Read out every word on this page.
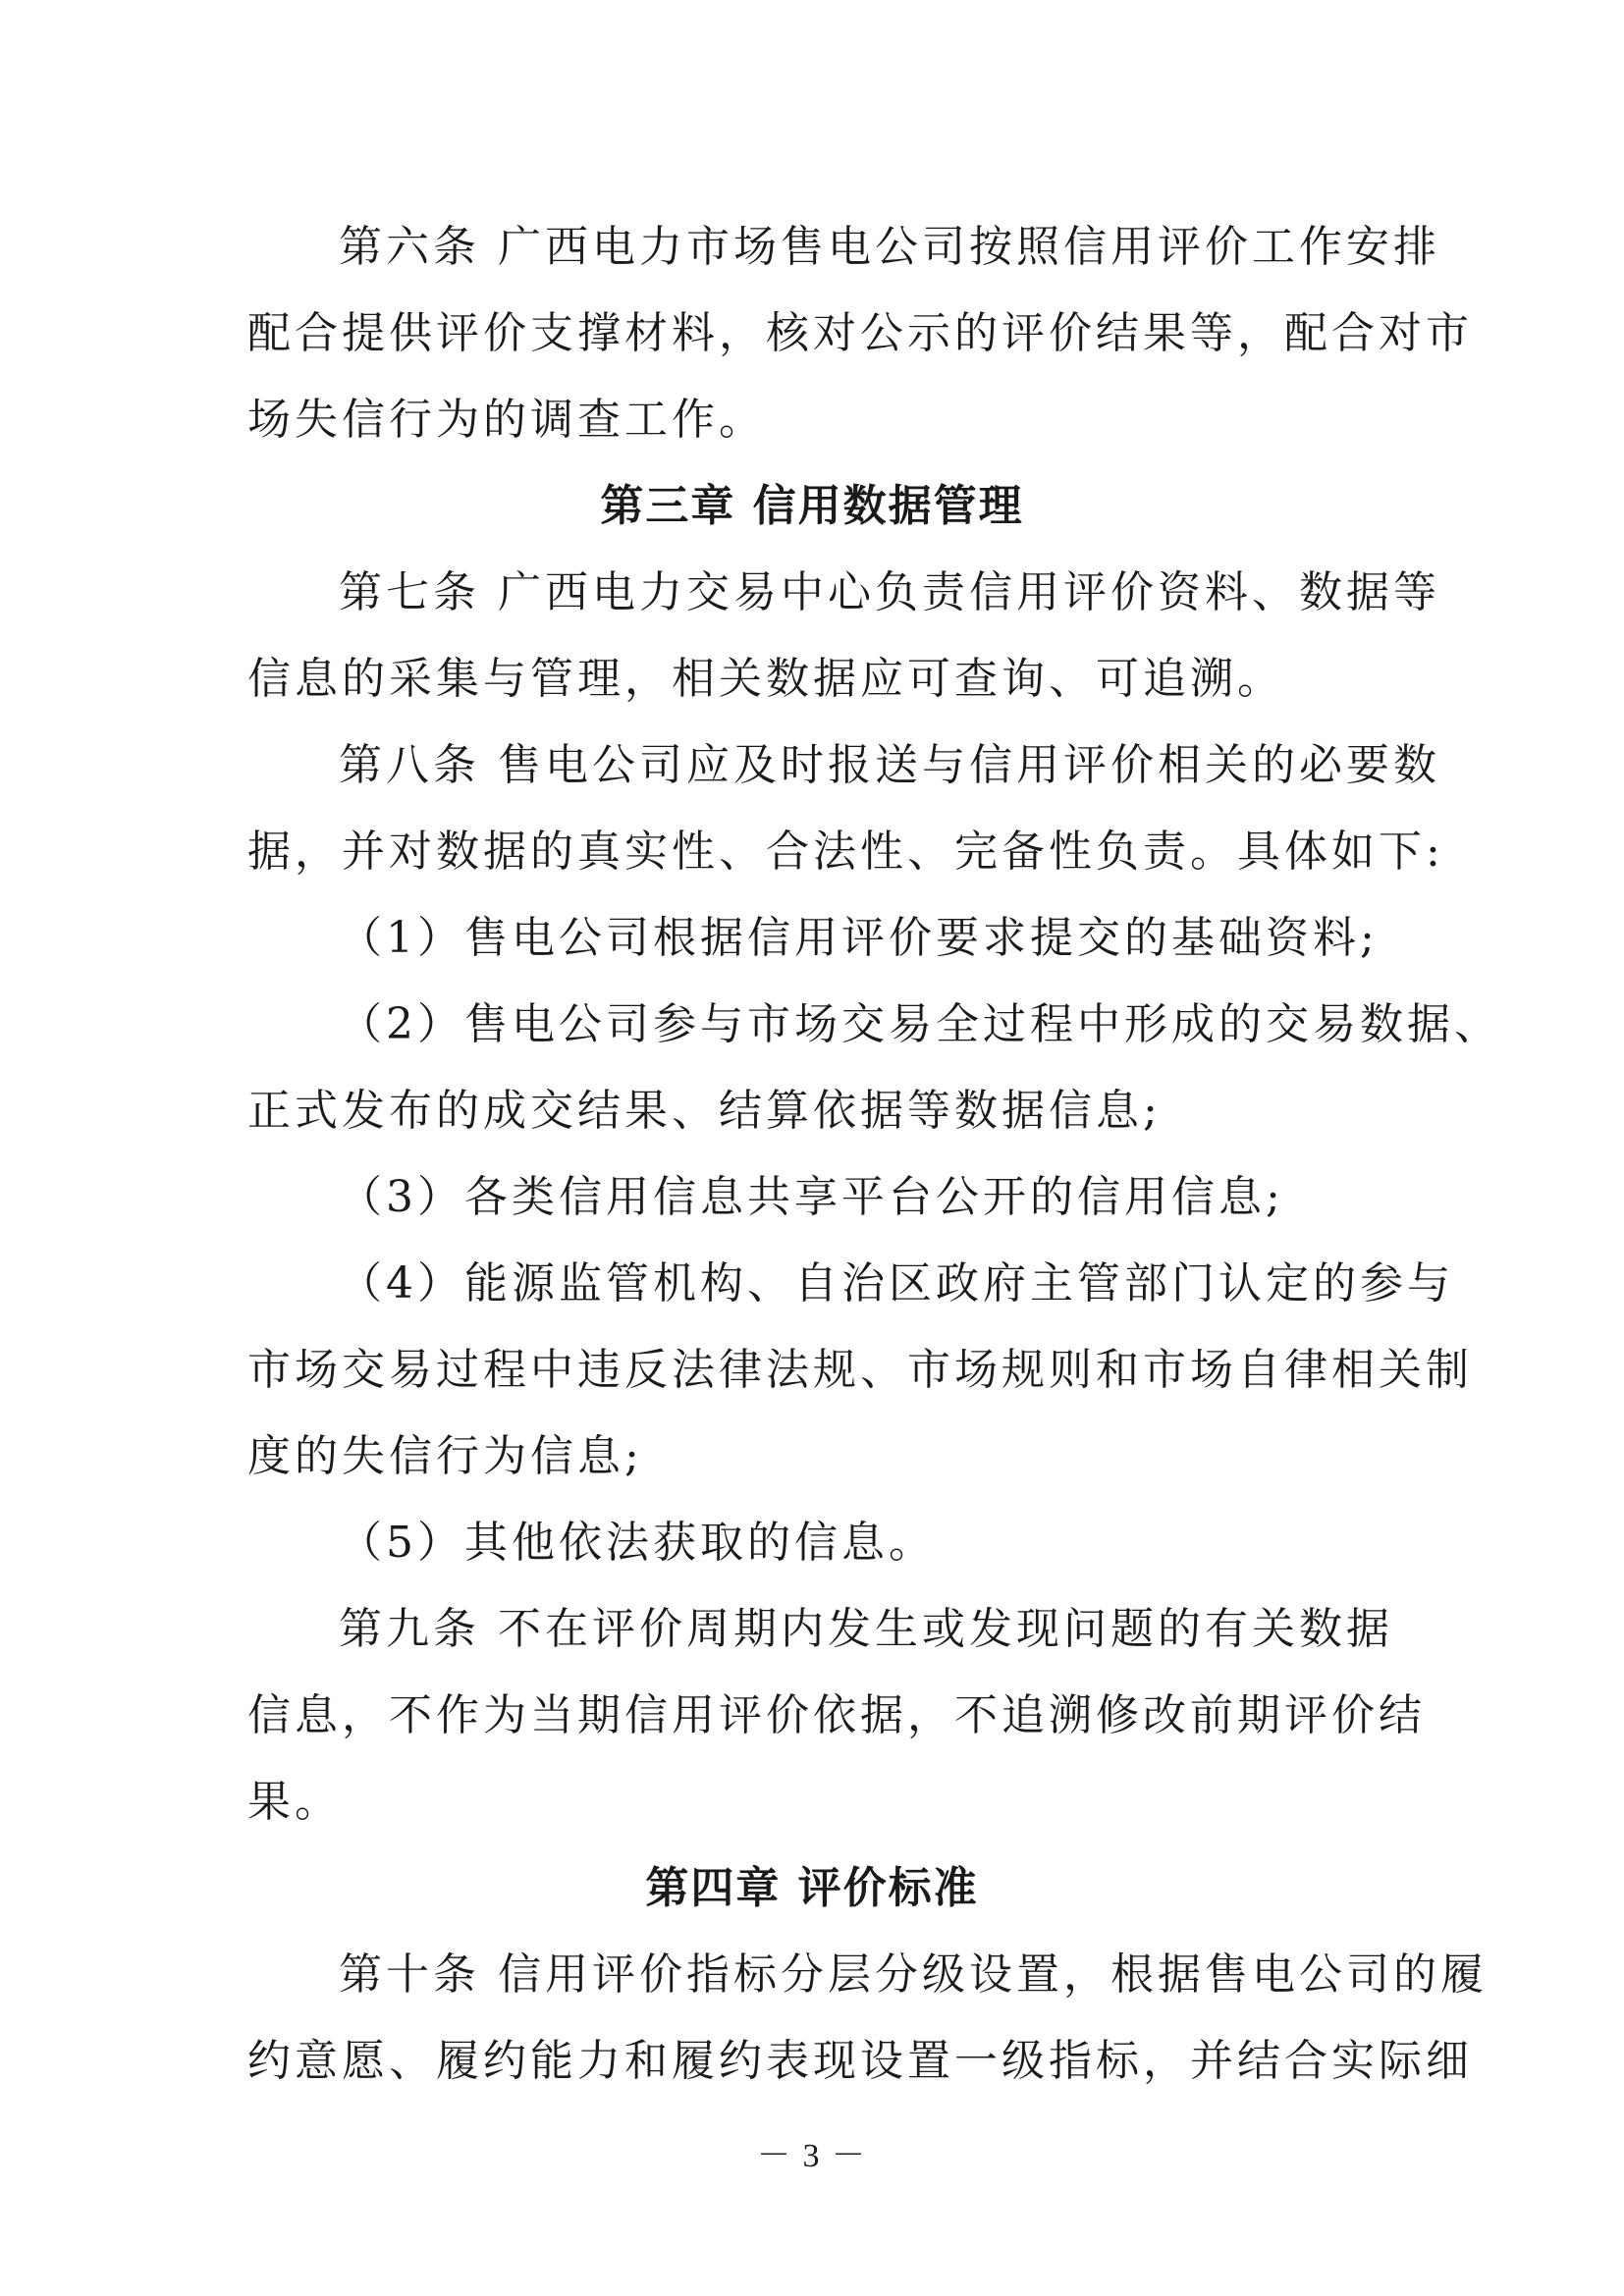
第六条 广西电力市场售电公司按照信用评价工作安排
配合提供评价支撑材料，核对公示的评价结果等，配合对市
场失信行为的调查工作。
第三章 信用数据管理
第七条 广西电力交易中心负责信用评价资料、数据等
信息的采集与管理，相关数据应可查询、可追溯。
第八条 售电公司应及时报送与信用评价相关的必要数
据，并对数据的真实性、合法性、完备性负责。具体如下:
（1）售电公司根据信用评价要求提交的基础资料;
（2）售电公司参与市场交易全过程中形成的交易数据、
正式发布的成交结果、结算依据等数据信息;
（3）各类信用信息共享平台公开的信用信息;
（4）能源监管机构、自治区政府主管部门认定的参与
市场交易过程中违反法律法规、市场规则和市场自律相关制
度的失信行为信息;
（5）其他依法获取的信息。
第九条 不在评价周期内发生或发现问题的有关数据
信息，不作为当期信用评价依据，不追溯修改前期评价结
果。
第四章 评价标准
第十条 信用评价指标分层分级设置，根据售电公司的履
约意愿、履约能力和履约表现设置一级指标，并结合实际细
－ 3 －
